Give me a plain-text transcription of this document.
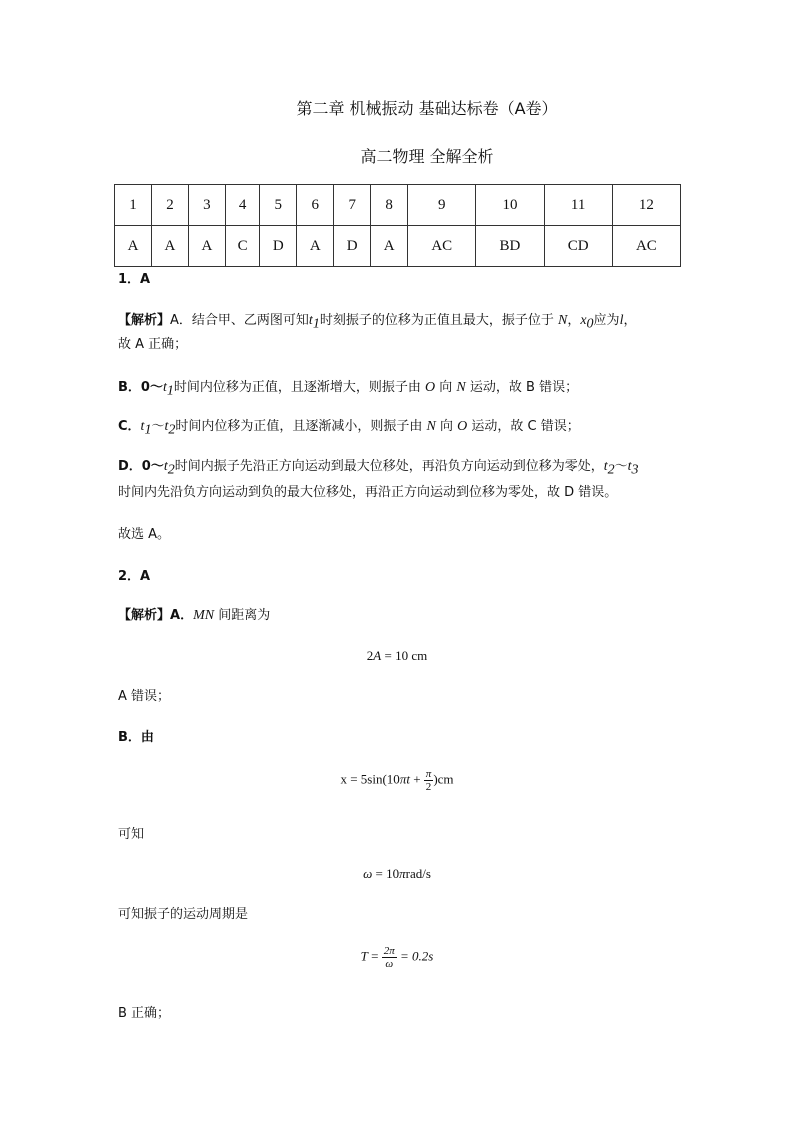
第二章 机械振动 基础达标卷（A卷）
高二物理 全解全析
1	2	3	4	5	6	7	8	9	10	11	12
A	A	A	C	D	A	D	A	AC	BD	CD	AC
1．A
【解析】A．结合甲、乙两图可知$t_1$时刻振子的位移为正值且最大，振子位于 N，$x_0$应为l，
故 A 正确；
B．$0\sim t_1$时间内位移为正值，且逐渐增大，则振子由 O 向 N 运动，故 B 错误；
C．$t_1\sim t_2$时间内位移为正值，且逐渐减小，则振子由 N 向 O 运动，故 C 错误；
D．$0\sim t_2$时间内振子先沿正方向运动到最大位移处，再沿负方向运动到位移为零处，$t_2\sim t_3$
时间内先沿负方向运动到负的最大位移处，再沿正方向运动到位移为零处，故 D 错误。
故选 A。
2．A
【解析】A．MN 间距离为
2A = 10 cm
A 错误；
B．由
$x = 5\sin(10\pi t + \frac{\pi}{2} )cm$
可知
ω = 10πrad/s
可知振子的运动周期是
$T = \frac{2\pi}{\omega} = 0.2s$
B 正确；
